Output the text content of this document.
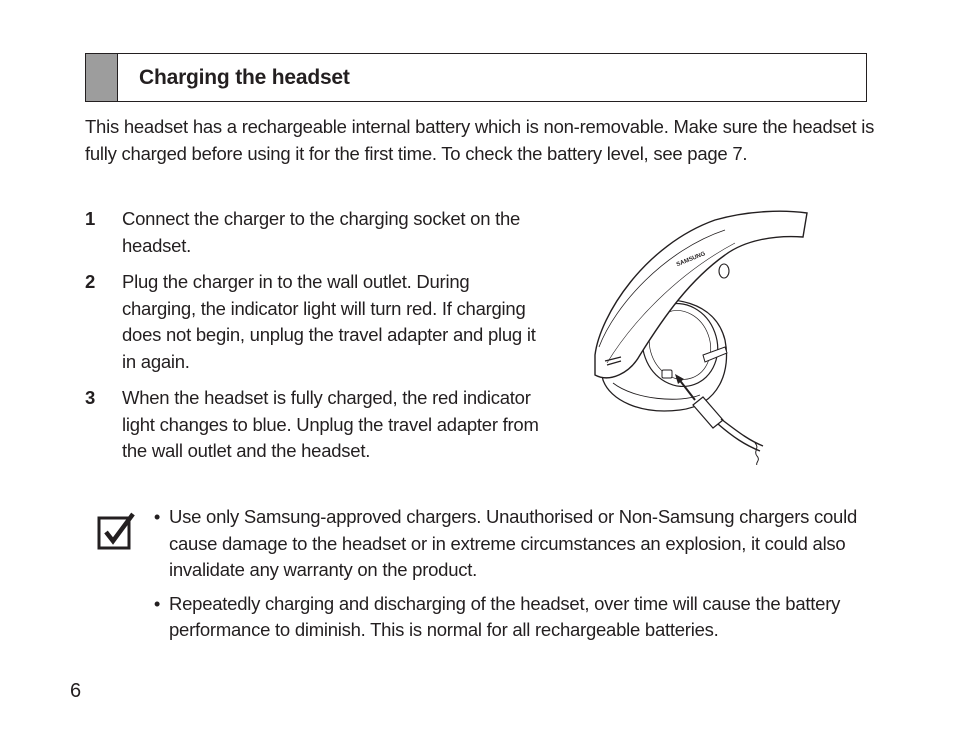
Charging the headset

This headset has a rechargeable internal battery which is non-removable. Make sure the headset is fully charged before using it for the first time. To check the battery level, see page 7.

1	Connect the charger to the charging socket on the headset.
2	Plug the charger in to the wall outlet. During charging, the indicator light will turn red. If charging does not begin, unplug the travel adapter and plug it in again.
3	When the headset is fully charged, the red indicator light changes to blue. Unplug the travel adapter from the wall outlet and the headset.
SAMSUNG
• Use only Samsung-approved chargers. Unauthorised or Non-Samsung chargers could cause damage to the headset or in extreme circumstances an explosion, it could also invalidate any warranty on the product.
• Repeatedly charging and discharging of the headset, over time will cause the battery performance to diminish. This is normal for all rechargeable batteries.
6
